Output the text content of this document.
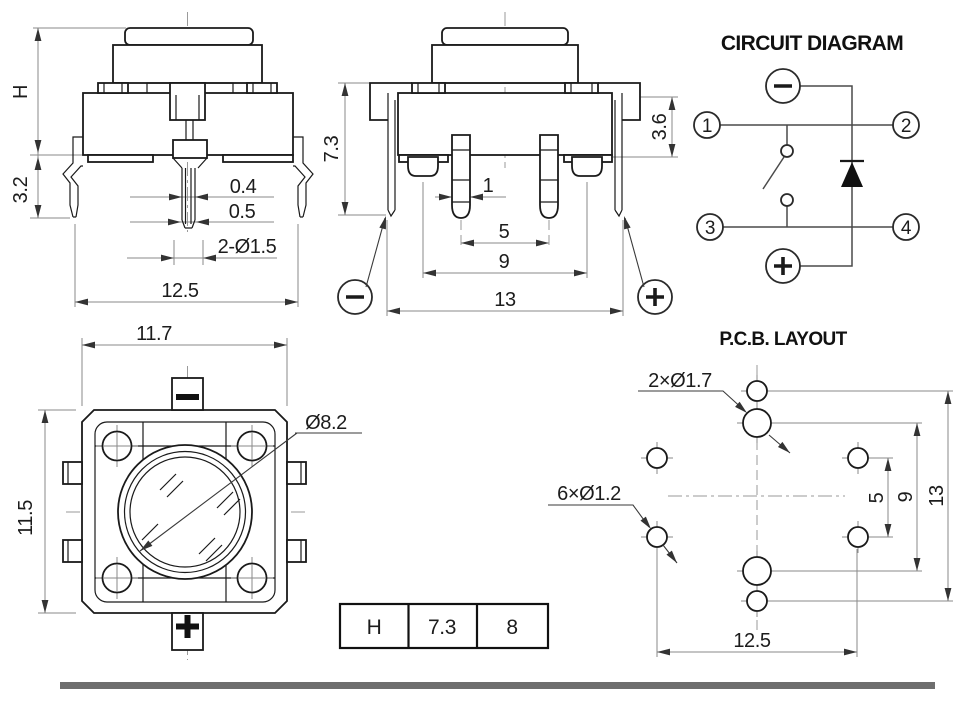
H
3.2	0.4
0.5
2-Ø1.5
12.5
7.3
3.6
1
5
9
13
CIRCUIT DIAGRAM
1	2
3	4
Ø8.2
11.7
11.5
H 7.3 8
P.C.B. LAYOUT
2×Ø1.7
6×Ø1.2	5 9 13
12.5
